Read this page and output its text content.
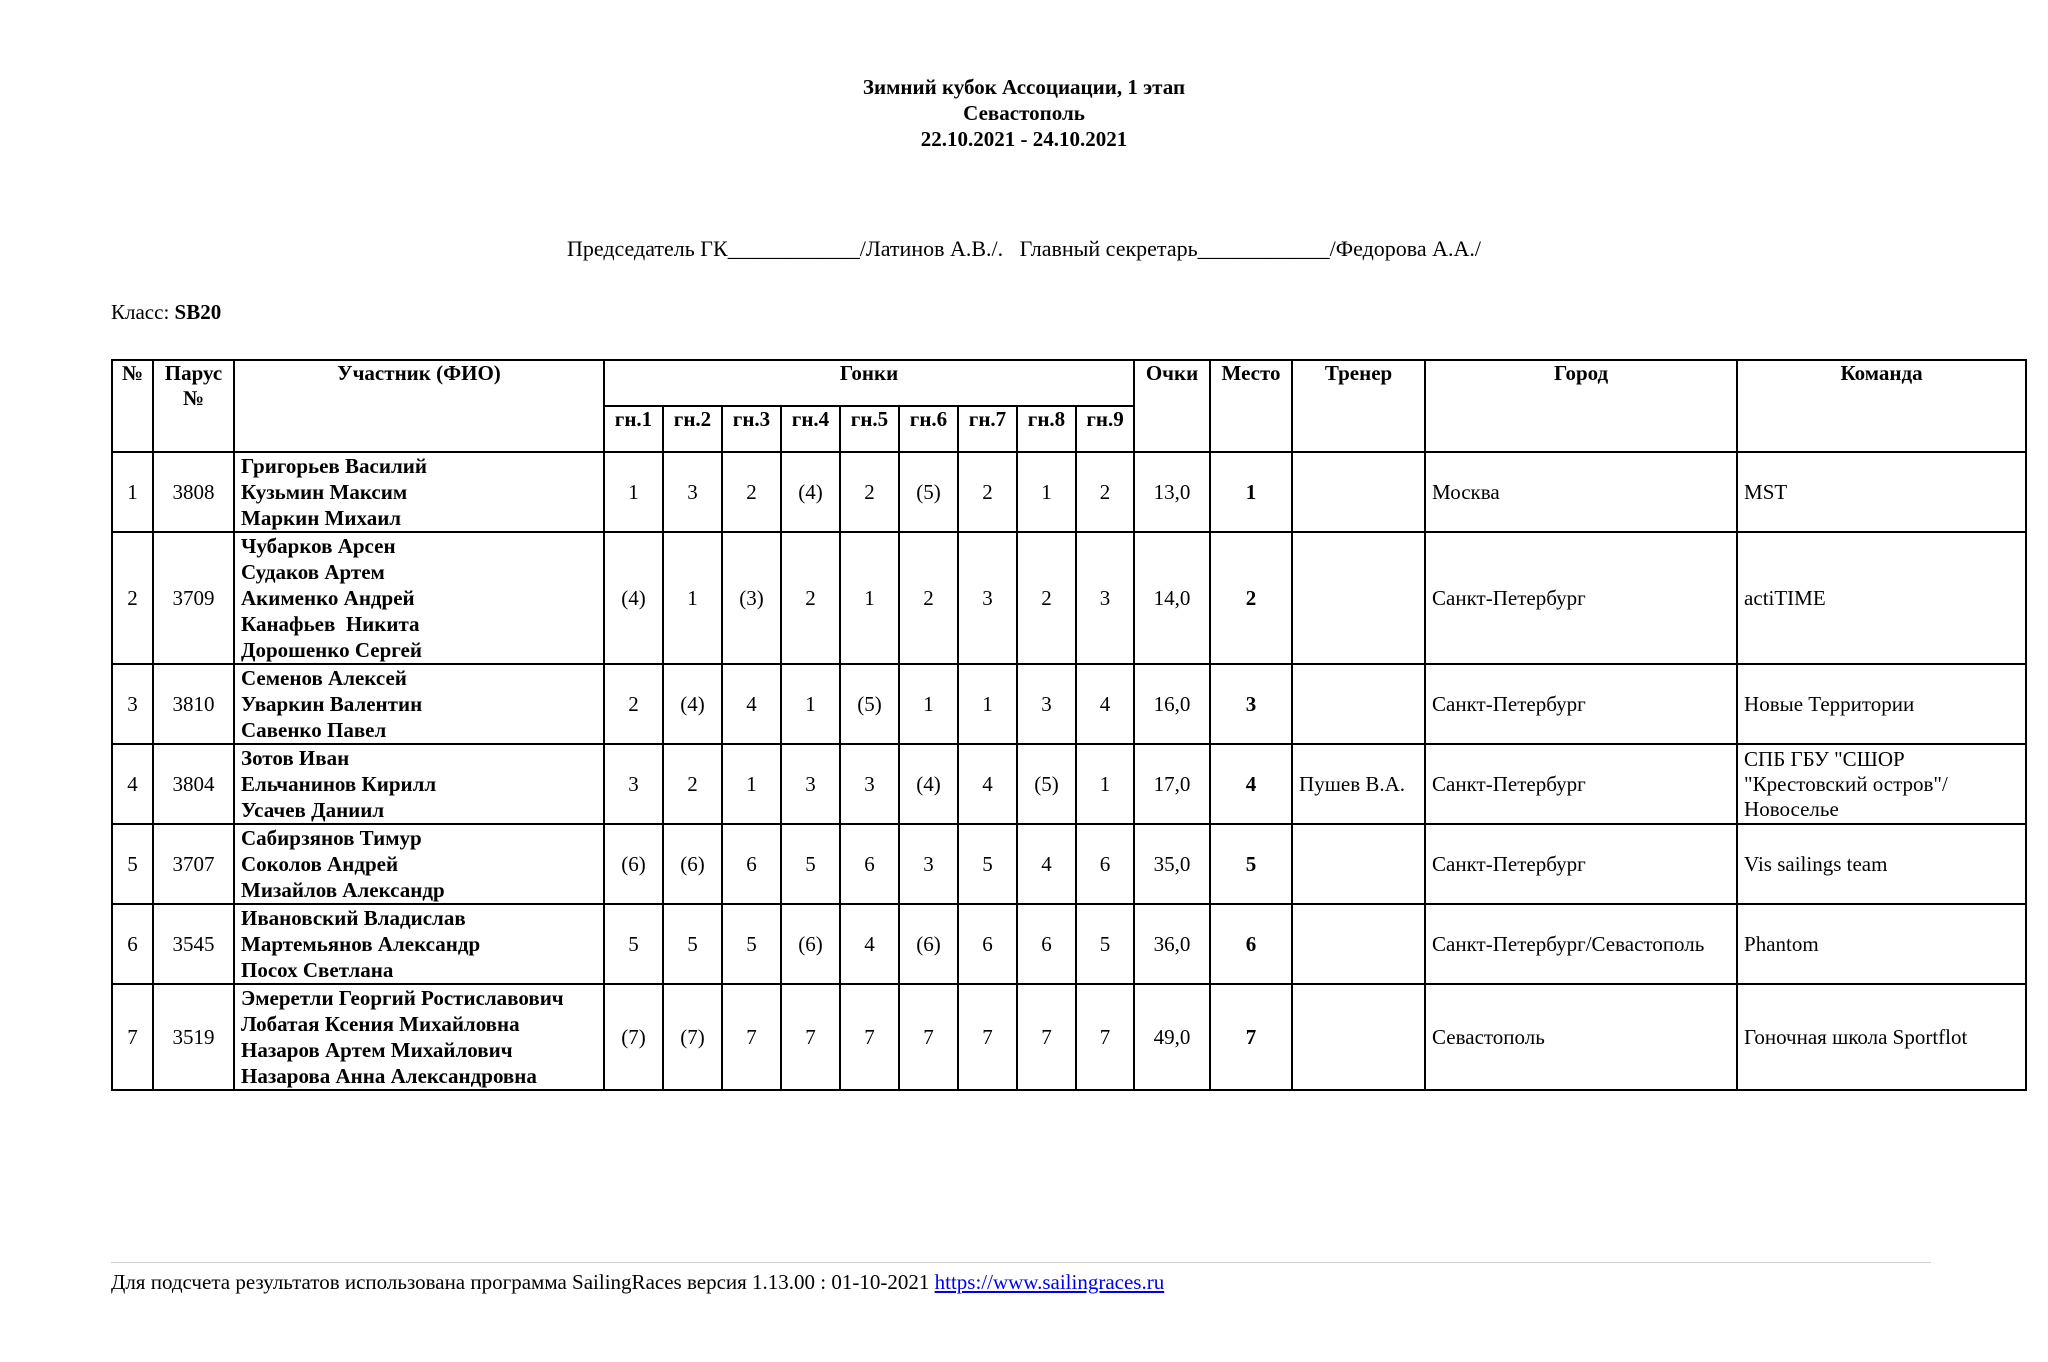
Зимний кубок Ассоциации, 1 этап
Севастополь
22.10.2021 - 24.10.2021
Председатель ГК____________/Латинов А.В./. Главный секретарь____________/Федорова А.А./
Класс: SB20
№	Парус №	Участник (ФИО)	Гонки									Очки	Место	Тренер	Город	Команда
			гн.1	гн.2	гн.3	гн.4	гн.5	гн.6	гн.7	гн.8	гн.9					
1	3808	Григорьев Василий
Кузьмин Максим
Маркин Михаил	1	3	2	(4)	2	(5)	2	1	2	13,0	1		Москва	MST
2	3709	Чубарков Арсен
Судаков Артем
Акименко Андрей
Канафьев  Никита
Дорошенко Сергей	(4)	1	(3)	2	1	2	3	2	3	14,0	2		Санкт-Петербург	actiTIME
3	3810	Семенов Алексей
Уваркин Валентин
Савенко Павел	2	(4)	4	1	(5)	1	1	3	4	16,0	3		Санкт-Петербург	Новые Территории
4	3804	Зотов Иван
Ельчанинов Кирилл
Усачев Даниил	3	2	1	3	3	(4)	4	(5)	1	17,0	4	Пушев В.А.	Санкт-Петербург	СПБ ГБУ "СШОР "Крестовский остров"/Новоселье
5	3707	Сабирзянов Тимур
Соколов Андрей
Мизайлов Александр	(6)	(6)	6	5	6	3	5	4	6	35,0	5		Санкт-Петербург	Vis sailings team
6	3545	Ивановский Владислав
Мартемьянов Александр
Посох Светлана	5	5	5	(6)	4	(6)	6	6	5	36,0	6		Санкт-Петербург/Севастополь	Phantom
7	3519	Эмеретли Георгий Ростиславович
Лобатая Ксения Михайловна
Назаров Артем Михайлович
Назарова Анна Александровна	(7)	(7)	7	7	7	7	7	7	7	49,0	7		Севастополь	Гоночная школа Sportflot
Для подсчета результатов использована программа SailingRaces версия 1.13.00 : 01-10-2021 https://www.sailingraces.ru
